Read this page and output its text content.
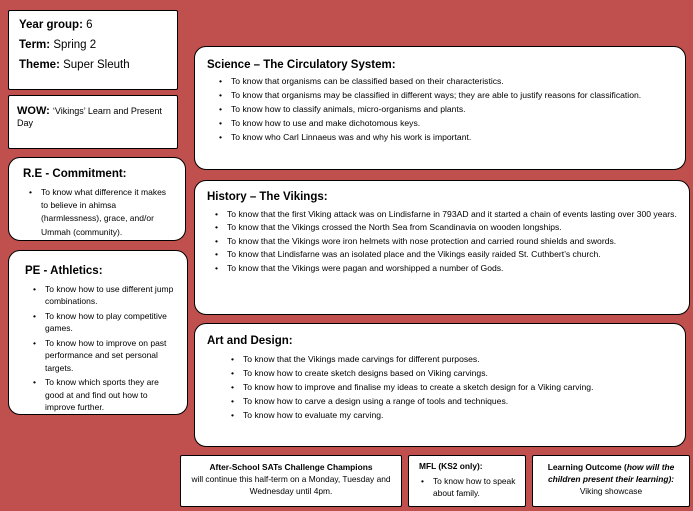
Year group: 6
Term: Spring 2
Theme: Super Sleuth
WOW: ‘Vikings’ Learn and Present Day
R.E - Commitment:
• To know what difference it makes to believe in ahimsa (harmlessness), grace, and/or Ummah (community).
PE - Athletics:
• To know how to use different jump combinations.
• To know how to play competitive games.
• To know how to improve on past performance and set personal targets.
• To know which sports they are good at and find out how to improve further.
Science – The Circulatory System:
• To know that organisms can be classified based on their characteristics.
• To know that organisms may be classified in different ways; they are able to justify reasons for classification.
• To know how to classify animals, micro-organisms and plants.
• To know how to use and make dichotomous keys.
• To know who Carl Linnaeus was and why his work is important.
History – The Vikings:
• To know that the first Viking attack was on Lindisfarne in 793AD and it started a chain of events lasting over 300 years.
• To know that the Vikings crossed the North Sea from Scandinavia on wooden longships.
• To know that the Vikings wore iron helmets with nose protection and carried round shields and swords.
• To know that Lindisfarne was an isolated place and the Vikings easily raided St. Cuthbert’s church.
• To know that the Vikings were pagan and worshipped a number of Gods.
Art and Design:
• To know that the Vikings made carvings for different purposes.
• To know how to create sketch designs based on Viking carvings.
• To know how to improve and finalise my ideas to create a sketch design for a Viking carving.
• To know how to carve a design using a range of tools and techniques.
• To know how to evaluate my carving.
After-School SATs Challenge Champions
will continue this half-term on a Monday, Tuesday and Wednesday until 4pm.
MFL (KS2 only):
• To know how to speak about family.
Learning Outcome (how will the children present their learning):
Viking showcase
